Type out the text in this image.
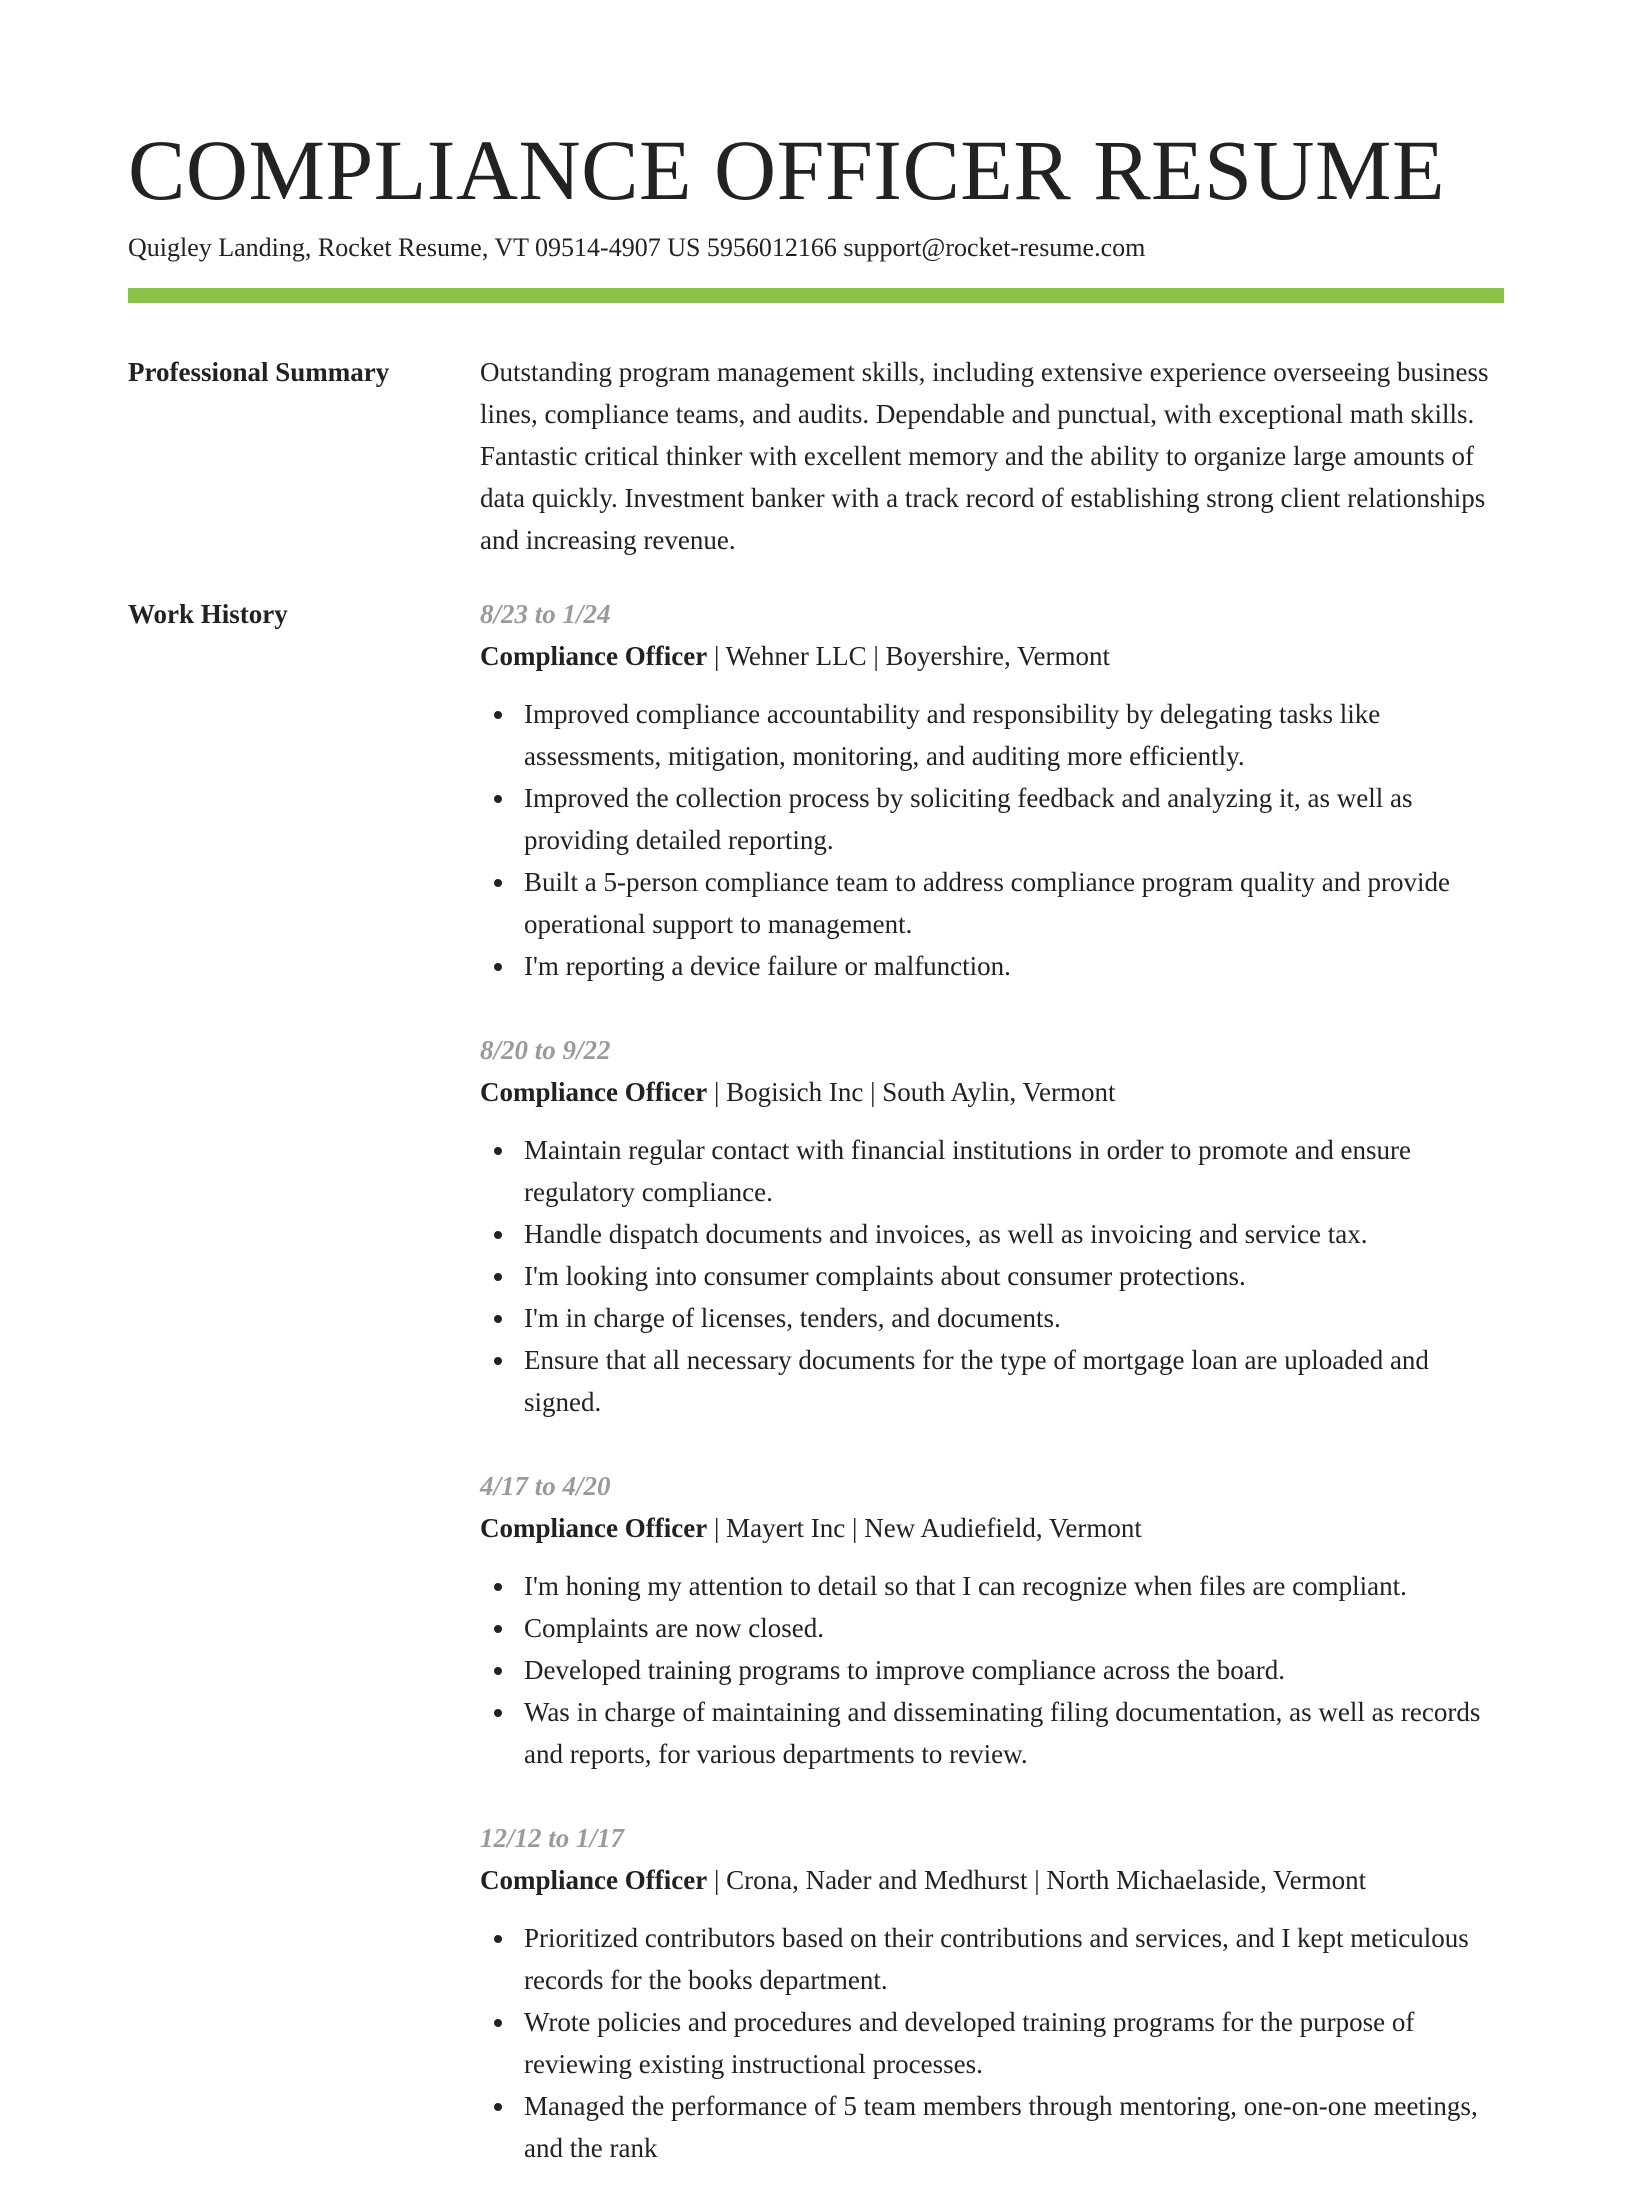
COMPLIANCE OFFICER RESUME
Quigley Landing, Rocket Resume, VT 09514-4907 US 5956012166 support@rocket-resume.com
Professional Summary	Outstanding program management skills, including extensive experience overseeing business lines, compliance teams, and audits. Dependable and punctual, with exceptional math skills. Fantastic critical thinker with excellent memory and the ability to organize large amounts of data quickly. Investment banker with a track record of establishing strong client relationships and increasing revenue.

Work History	8/23 to 1/24
Compliance Officer | Wehner LLC | Boyershire, Vermont
Improved compliance accountability and responsibility by delegating tasks like assessments, mitigation, monitoring, and auditing more efficiently.
Improved the collection process by soliciting feedback and analyzing it, as well as providing detailed reporting.
Built a 5-person compliance team to address compliance program quality and provide operational support to management.
I'm reporting a device failure or malfunction.
8/20 to 9/22
Compliance Officer | Bogisich Inc | South Aylin, Vermont
Maintain regular contact with financial institutions in order to promote and ensure regulatory compliance.
Handle dispatch documents and invoices, as well as invoicing and service tax.
I'm looking into consumer complaints about consumer protections.
I'm in charge of licenses, tenders, and documents.
Ensure that all necessary documents for the type of mortgage loan are uploaded and signed.
4/17 to 4/20
Compliance Officer | Mayert Inc | New Audiefield, Vermont
I'm honing my attention to detail so that I can recognize when files are compliant.
Complaints are now closed.
Developed training programs to improve compliance across the board.
Was in charge of maintaining and disseminating filing documentation, as well as records and reports, for various departments to review.
12/12 to 1/17
Compliance Officer | Crona, Nader and Medhurst | North Michaelaside, Vermont
Prioritized contributors based on their contributions and services, and I kept meticulous records for the books department.
Wrote policies and procedures and developed training programs for the purpose of reviewing existing instructional processes.
Managed the performance of 5 team members through mentoring, one-on-one meetings, and the rank
